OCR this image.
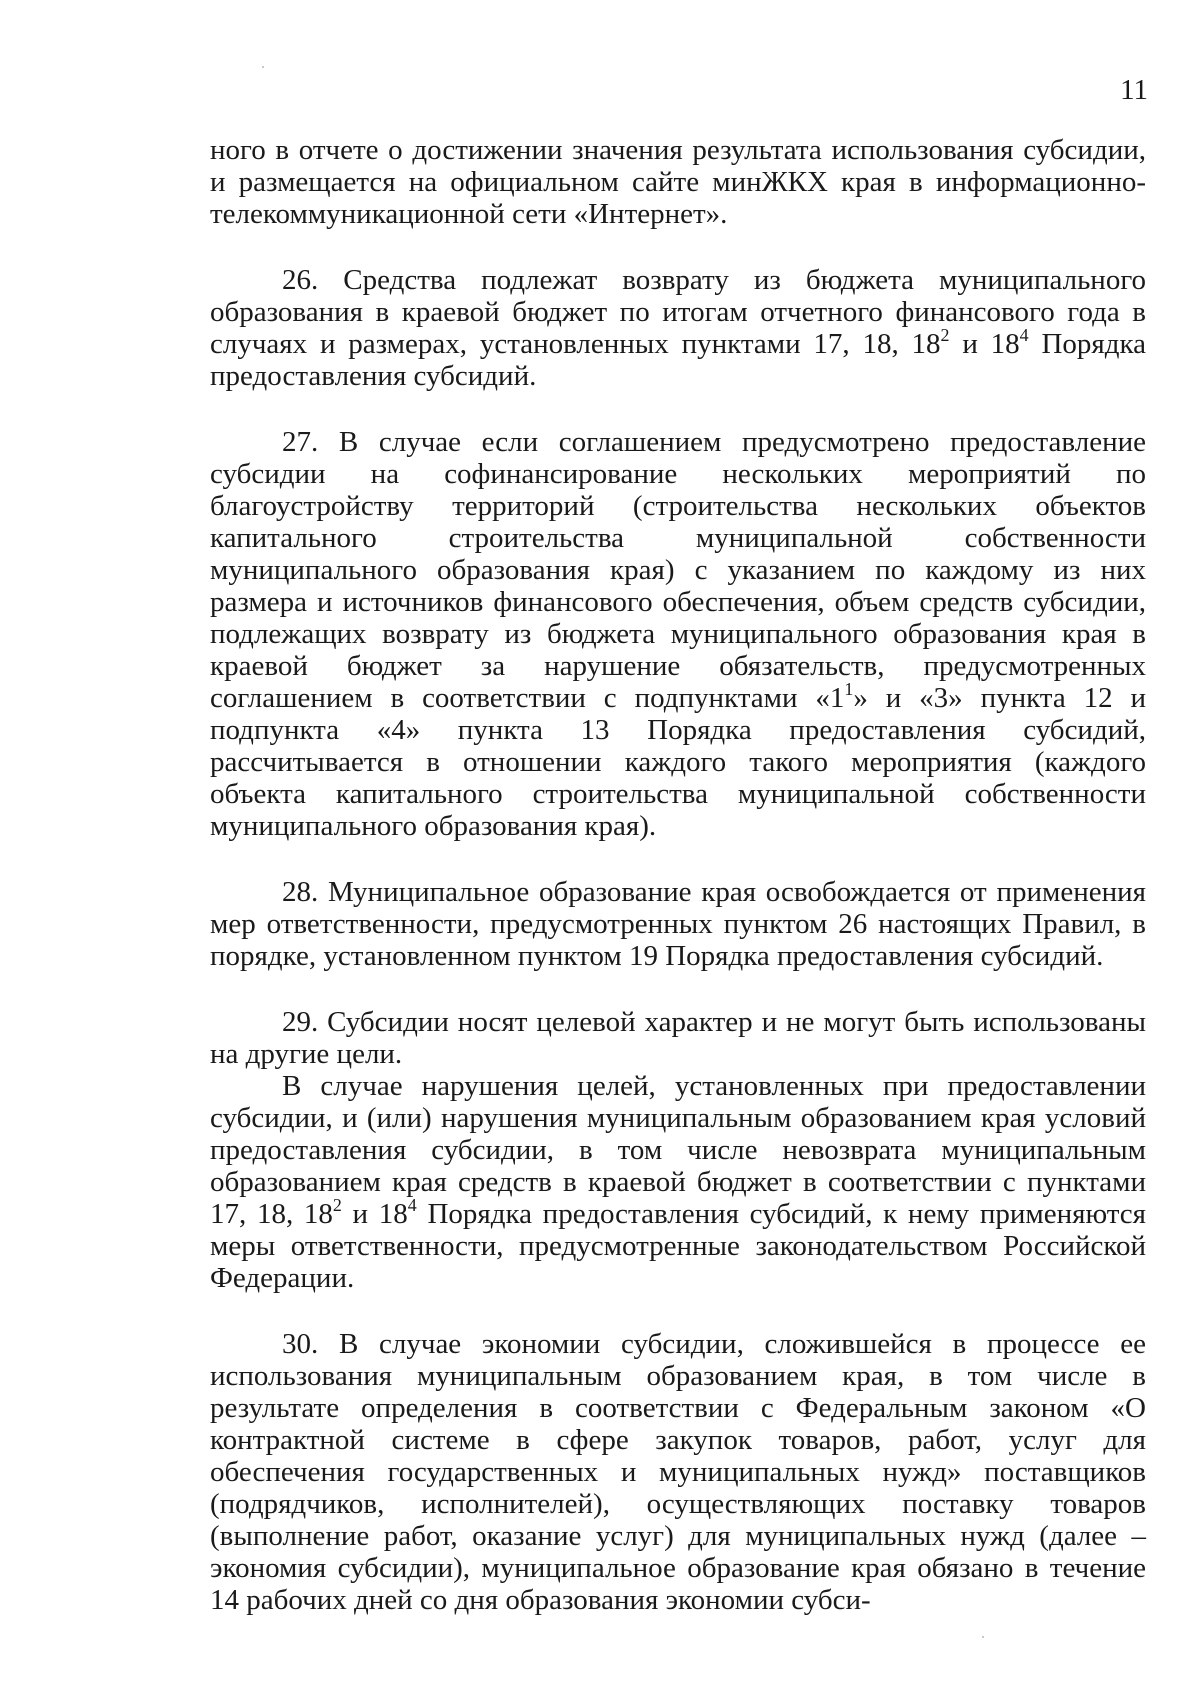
11

ного в отчете о достижении значения результата использования субсидии, и размещается на официальном сайте минЖКХ края в информационно-телекоммуникационной сети «Интернет».

26. Средства подлежат возврату из бюджета муниципального образования в краевой бюджет по итогам отчетного финансового года в случаях и размерах, установленных пунктами 17, 18, $18^2$ и $18^4$ Порядка предоставления субсидий.

27. В случае если соглашением предусмотрено предоставление субсидии на софинансирование нескольких мероприятий по благоустройству территорий (строительства нескольких объектов капитального строительства муниципальной собственности муниципального образования края) с указанием по каждому из них размера и источников финансового обеспечения, объем средств субсидии, подлежащих возврату из бюджета муниципального образования края в краевой бюджет за нарушение обязательств, предусмотренных соглашением в соответствии с подпунктами «$1^1$» и «3» пункта 12 и подпункта «4» пункта 13 Порядка предоставления субсидий, рассчитывается в отношении каждого такого мероприятия (каждого объекта капитального строительства муниципальной собственности муниципального образования края).

28. Муниципальное образование края освобождается от применения мер ответственности, предусмотренных пунктом 26 настоящих Правил, в порядке, установленном пунктом 19 Порядка предоставления субсидий.

29. Субсидии носят целевой характер и не могут быть использованы на другие цели.

В случае нарушения целей, установленных при предоставлении субсидии, и (или) нарушения муниципальным образованием края условий предоставления субсидии, в том числе невозврата муниципальным образованием края средств в краевой бюджет в соответствии с пунктами 17, 18, $18^2$ и $18^4$ Порядка предоставления субсидий, к нему применяются меры ответственности, предусмотренные законодательством Российской Федерации.

30. В случае экономии субсидии, сложившейся в процессе ее использования муниципальным образованием края, в том числе в результате определения в соответствии с Федеральным законом «О контрактной системе в сфере закупок товаров, работ, услуг для обеспечения государственных и муниципальных нужд» поставщиков (подрядчиков, исполнителей), осуществляющих поставку товаров (выполнение работ, оказание услуг) для муниципальных нужд (далее – экономия субсидии), муниципальное образование края обязано в течение 14 рабочих дней со дня образования экономии субси-
